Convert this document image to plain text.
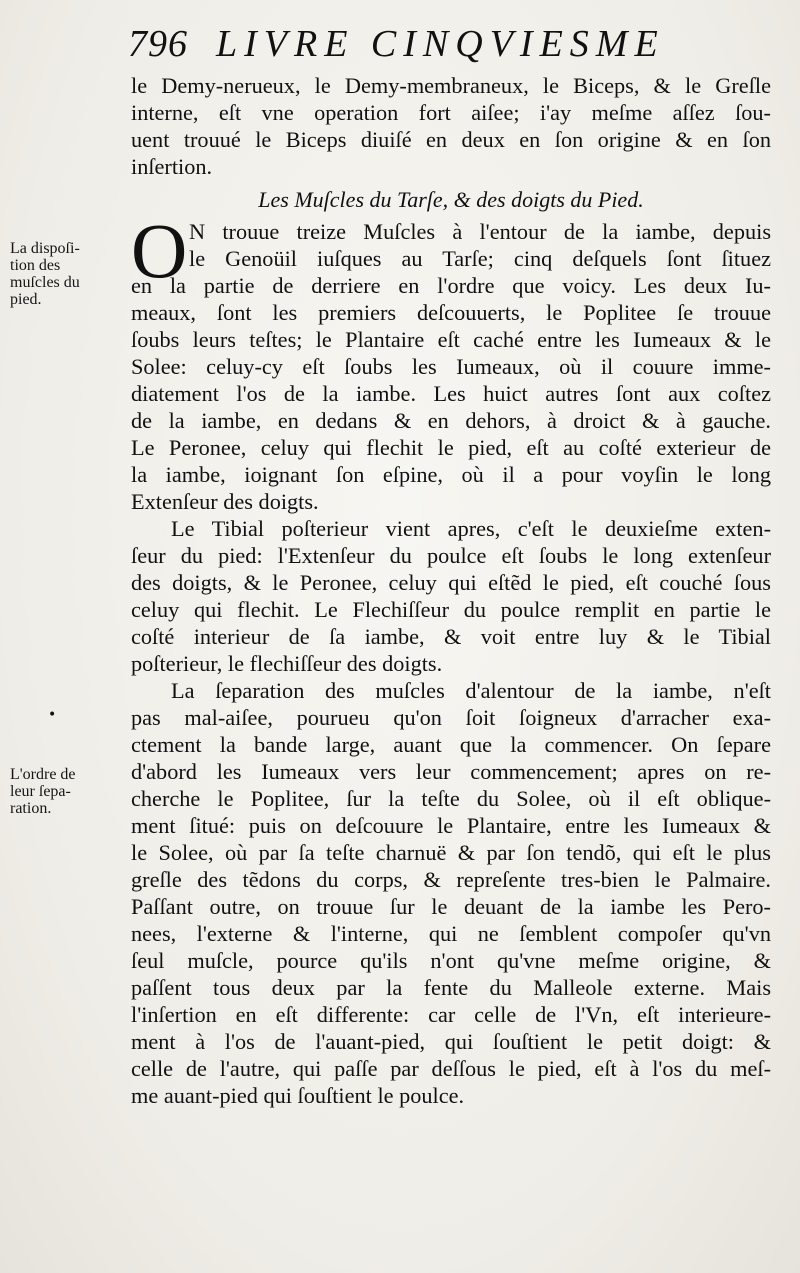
796 LIVRE CINQVIESME
La dispoſi-
tion des
muſcles du
pied.
•
L'ordre de
leur ſepa-
ration.

le Demy-nerueux, le Demy-membraneux, le Biceps, & le Greſle
interne, eſt vne operation fort aiſee; i'ay meſme aſſez ſou-
uent trouué le Biceps diuiſé en deux en ſon origine & en ſon
inſertion.

Les Muſcles du Tarſe, & des doigts du Pied.
O N trouue treize Muſcles à l'entour de la iambe, depuis
le Genoüil iuſques au Tarſe; cinq deſquels ſont ſituez
en la partie de derriere en l'ordre que voicy. Les deux Iu-
meaux, ſont les premiers deſcouuerts, le Poplitee ſe trouue
ſoubs leurs teſtes; le Plantaire eſt caché entre les Iumeaux & le
Solee: celuy-cy eſt ſoubs les Iumeaux, où il couure imme-
diatement l'os de la iambe. Les huict autres ſont aux coſtez
de la iambe, en dedans & en dehors, à droict & à gauche.
Le Peronee, celuy qui flechit le pied, eſt au coſté exterieur de
la iambe, ioignant ſon eſpine, où il a pour voyſin le long
Extenſeur des doigts.

Le Tibial poſterieur vient apres, c'eſt le deuxieſme exten-
ſeur du pied: l'Extenſeur du poulce eſt ſoubs le long extenſeur
des doigts, & le Peronee, celuy qui eſtẽd le pied, eſt couché ſous
celuy qui flechit. Le Flechiſſeur du poulce remplit en partie le
coſté interieur de ſa iambe, & voit entre luy & le Tibial
poſterieur, le flechiſſeur des doigts.

La ſeparation des muſcles d'alentour de la iambe, n'eſt
pas mal-aiſee, pourueu qu'on ſoit ſoigneux d'arracher exa-
ctement la bande large, auant que la commencer. On ſepare
d'abord les Iumeaux vers leur commencement; apres on re-
cherche le Poplitee, ſur la teſte du Solee, où il eſt oblique-
ment ſitué: puis on deſcouure le Plantaire, entre les Iumeaux &
le Solee, où par ſa teſte charnuë & par ſon tendõ, qui eſt le plus
greſle des tẽdons du corps, & repreſente tres-bien le Palmaire.
Paſſant outre, on trouue ſur le deuant de la iambe les Pero-
nees, l'externe & l'interne, qui ne ſemblent compoſer qu'vn
ſeul muſcle, pource qu'ils n'ont qu'vne meſme origine, &
paſſent tous deux par la fente du Malleole externe. Mais
l'inſertion en eſt differente: car celle de l'Vn, eſt interieure-
ment à l'os de l'auant-pied, qui ſouſtient le petit doigt: &
celle de l'autre, qui paſſe par deſſous le pied, eſt à l'os du meſ-
me auant-pied qui ſouſtient le poulce.
